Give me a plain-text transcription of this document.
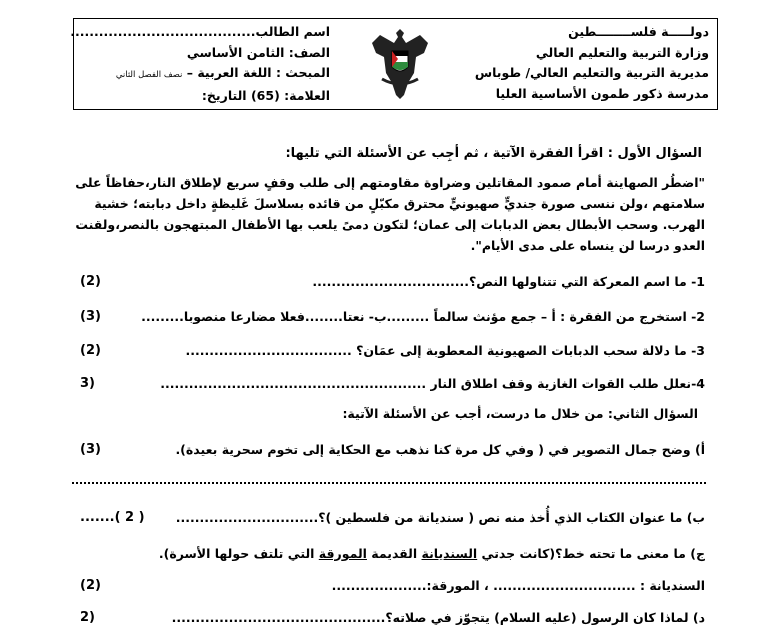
دولـــــة فلســــــــطين
وزارة التربية والتعليم العالي
مديرية التربية والتعليم العالي/ طوباس
مدرسة ذكور طمون الأساسية العليا
اسم الطالب.......................................
الصف: الثامن الأساسي
المبحث : اللغة العربية – نصف الفصل الثاني
العلامة: (65) التاريخ:
السؤال الأول : اقرأ الفقرة الآتية ، ثم أجِب عن الأسئلة التي تليها:
"اضطُر الصهاينة أمام صمود المقاتلين وضراوة مقاومتهم إلى طلب وقفٍ سريع لإطلاق النار،حفاظاً على
سلامتهم ،ولن ننسى صورة جنديٍّ صهيونيٍّ محترق مكبّلٍ من قائده بسلاسلَ غَليظةٍ داخل دبابته؛ خشية
الهرب. وسحب الأبطال بعض الدبابات إلى عمان؛ لتكون دمىً يلعب بها الأطفال المبتهجون بالنصر،ولقنت
العدو درسا لن ينساه على مدى الأيام".
1- ما اسم المعركة التي تتناولها النص؟.................................
(2)
2- استخرج من الفقرة : أ – جمع مؤنث سالماً .........ب- نعتا........فعلا مضارعا منصوبا.........
(3)
3- ما دلالة سحب الدبابات الصهيونية المعطوبة إلى عمَان؟ ...................................
(2)
4-نعلل طلب القوات الغازية وقف اطلاق النار ........................................................
(3
السؤال الثاني: من خلال ما درست، أجب عن الأسئلة الآتية:
أ) وضح جمال التصوير في ( وفي كل مرة كنا نذهب مع الحكاية إلى تخوم سحرية بعيدة).
(3)
ب) ما عنوان الكتاب الذي أُخذ منه نص ( سنديانة من فلسطين )؟..............................
( 2 ).......
ج) ما معنى ما تحته خط؟(كانت جدتي السنديانة القديمة المورقة التي تلتف حولها الأسرة).
السنديانة : .............................. ، المورقة:....................
(2)
د) لماذا كان الرسول (عليه السلام) يتجوّز في صلاته؟.............................................
(2
